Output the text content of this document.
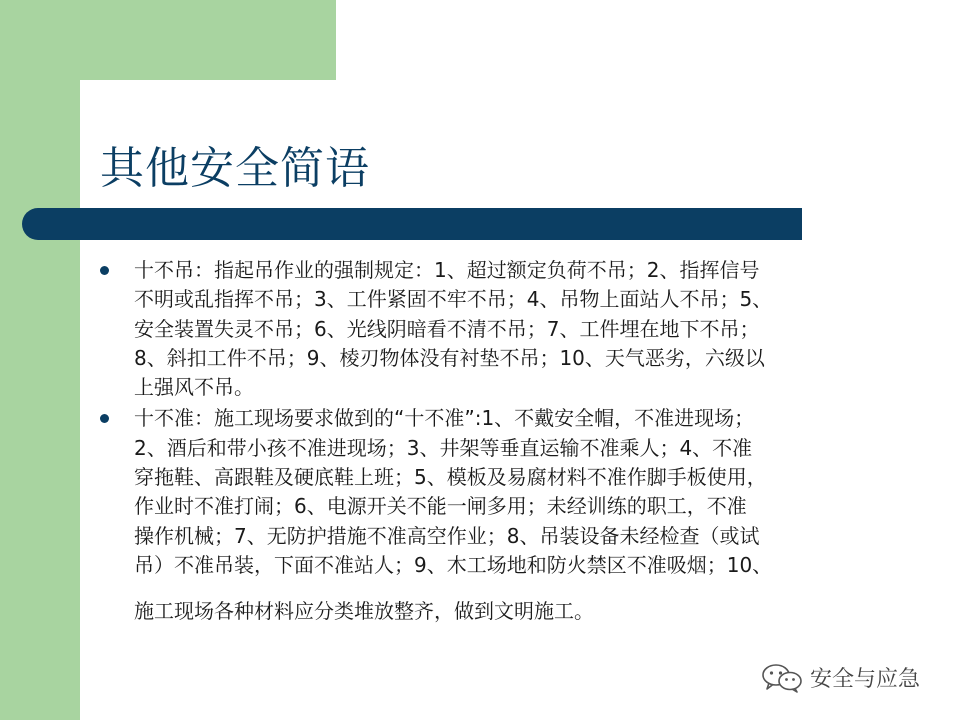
其他安全简语
十不吊：指起吊作业的强制规定：1、超过额定负荷不吊；2、指挥信号
不明或乱指挥不吊；3、工件紧固不牢不吊；4、吊物上面站人不吊；5、
安全装置失灵不吊；6、光线阴暗看不清不吊；7、工件埋在地下不吊；
8、斜扣工件不吊；9、棱刃物体没有衬垫不吊；10、天气恶劣，六级以
上强风不吊。
十不准：施工现场要求做到的“十不准”:1、不戴安全帽，不准进现场；
2、酒后和带小孩不准进现场；3、井架等垂直运输不准乘人；4、不准
穿拖鞋、高跟鞋及硬底鞋上班；5、模板及易腐材料不准作脚手板使用，
作业时不准打闹；6、电源开关不能一闸多用；未经训练的职工，不准
操作机械；7、无防护措施不准高空作业；8、吊装设备未经检查（或试
吊）不准吊装，下面不准站人；9、木工场地和防火禁区不准吸烟；10、
施工现场各种材料应分类堆放整齐，做到文明施工。
安全与应急
